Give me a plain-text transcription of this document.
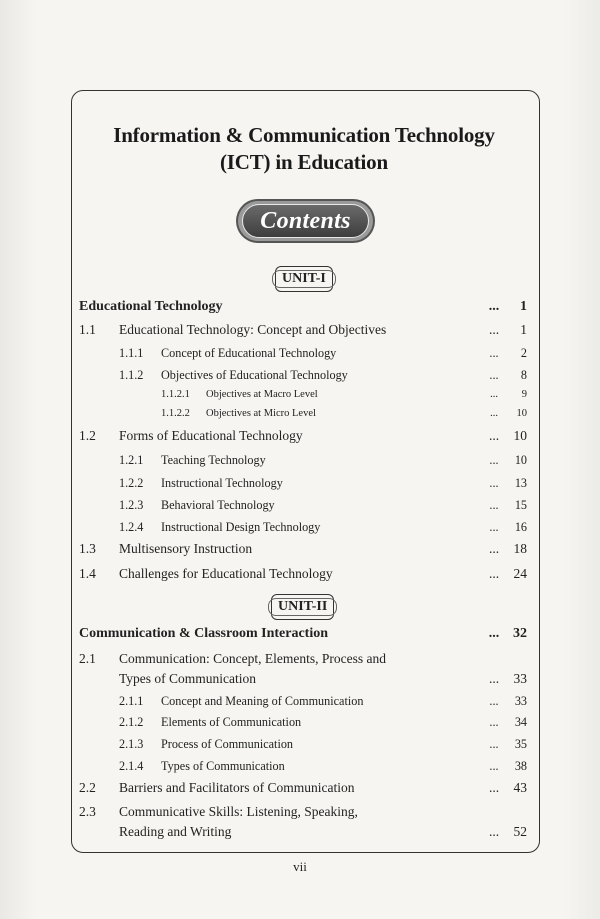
Information & Communication Technology
(ICT) in Education
Contents
UNIT-I
Educational Technology	...	1
1.1 Educational Technology: Concept and Objectives	...	1
1.1.1 Concept of Educational Technology	...	2
1.1.2 Objectives of Educational Technology	...	8
1.1.2.1 Objectives at Macro Level	...	9
1.1.2.2 Objectives at Micro Level	...	10
1.2 Forms of Educational Technology	...	10
1.2.1 Teaching Technology	...	10
1.2.2 Instructional Technology	...	13
1.2.3 Behavioral Technology	...	15
1.2.4 Instructional Design Technology	...	16
1.3 Multisensory Instruction	...	18
1.4 Challenges for Educational Technology	...	24
UNIT-II
Communication & Classroom Interaction	... 32
2.1 Communication: Concept, Elements, Process and
Types of Communication	...	33
2.1.1 Concept and Meaning of Communication	...	33
2.1.2 Elements of Communication	...	34
2.1.3 Process of Communication	...	35
2.1.4 Types of Communication	...	38
2.2 Barriers and Facilitators of Communication	...	43
2.3 Communicative Skills: Listening, Speaking,
Reading and Writing	...	52
vii
